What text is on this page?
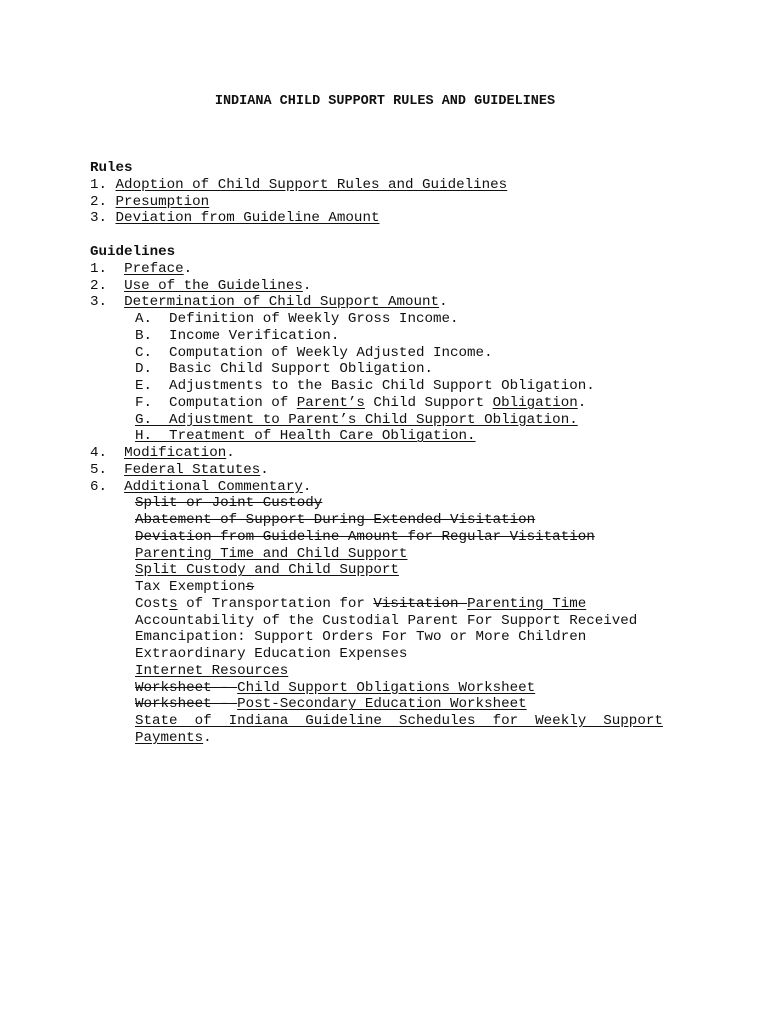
INDIANA CHILD SUPPORT RULES AND GUIDELINES
Rules
1. Adoption of Child Support Rules and Guidelines
2. Presumption
3. Deviation from Guideline Amount
Guidelines
1.  Preface.
2.  Use of the Guidelines.
3.  Determination of Child Support Amount.
A.  Definition of Weekly Gross Income.
B.  Income Verification.
C.  Computation of Weekly Adjusted Income.
D.  Basic Child Support Obligation.
E.  Adjustments to the Basic Child Support Obligation.
F.  Computation of Parent’s Child Support Obligation.
G.  Adjustment to Parent’s Child Support Obligation.
H.  Treatment of Health Care Obligation.
4.  Modification.
5.  Federal Statutes.
6.  Additional Commentary.
Split or Joint Custody
Abatement of Support During Extended Visitation
Deviation from Guideline Amount for Regular Visitation
Parenting Time and Child Support
Split Custody and Child Support
Tax Exemptions
Costs of Transportation for Visitation Parenting Time
Accountability of the Custodial Parent For Support Received
Emancipation: Support Orders For Two or More Children
Extraordinary Education Expenses
Internet Resources
Worksheet - Child Support Obligations Worksheet
Worksheet - Post-Secondary Education Worksheet
State  of  Indiana  Guideline  Schedules  for  Weekly  Support
Payments.
